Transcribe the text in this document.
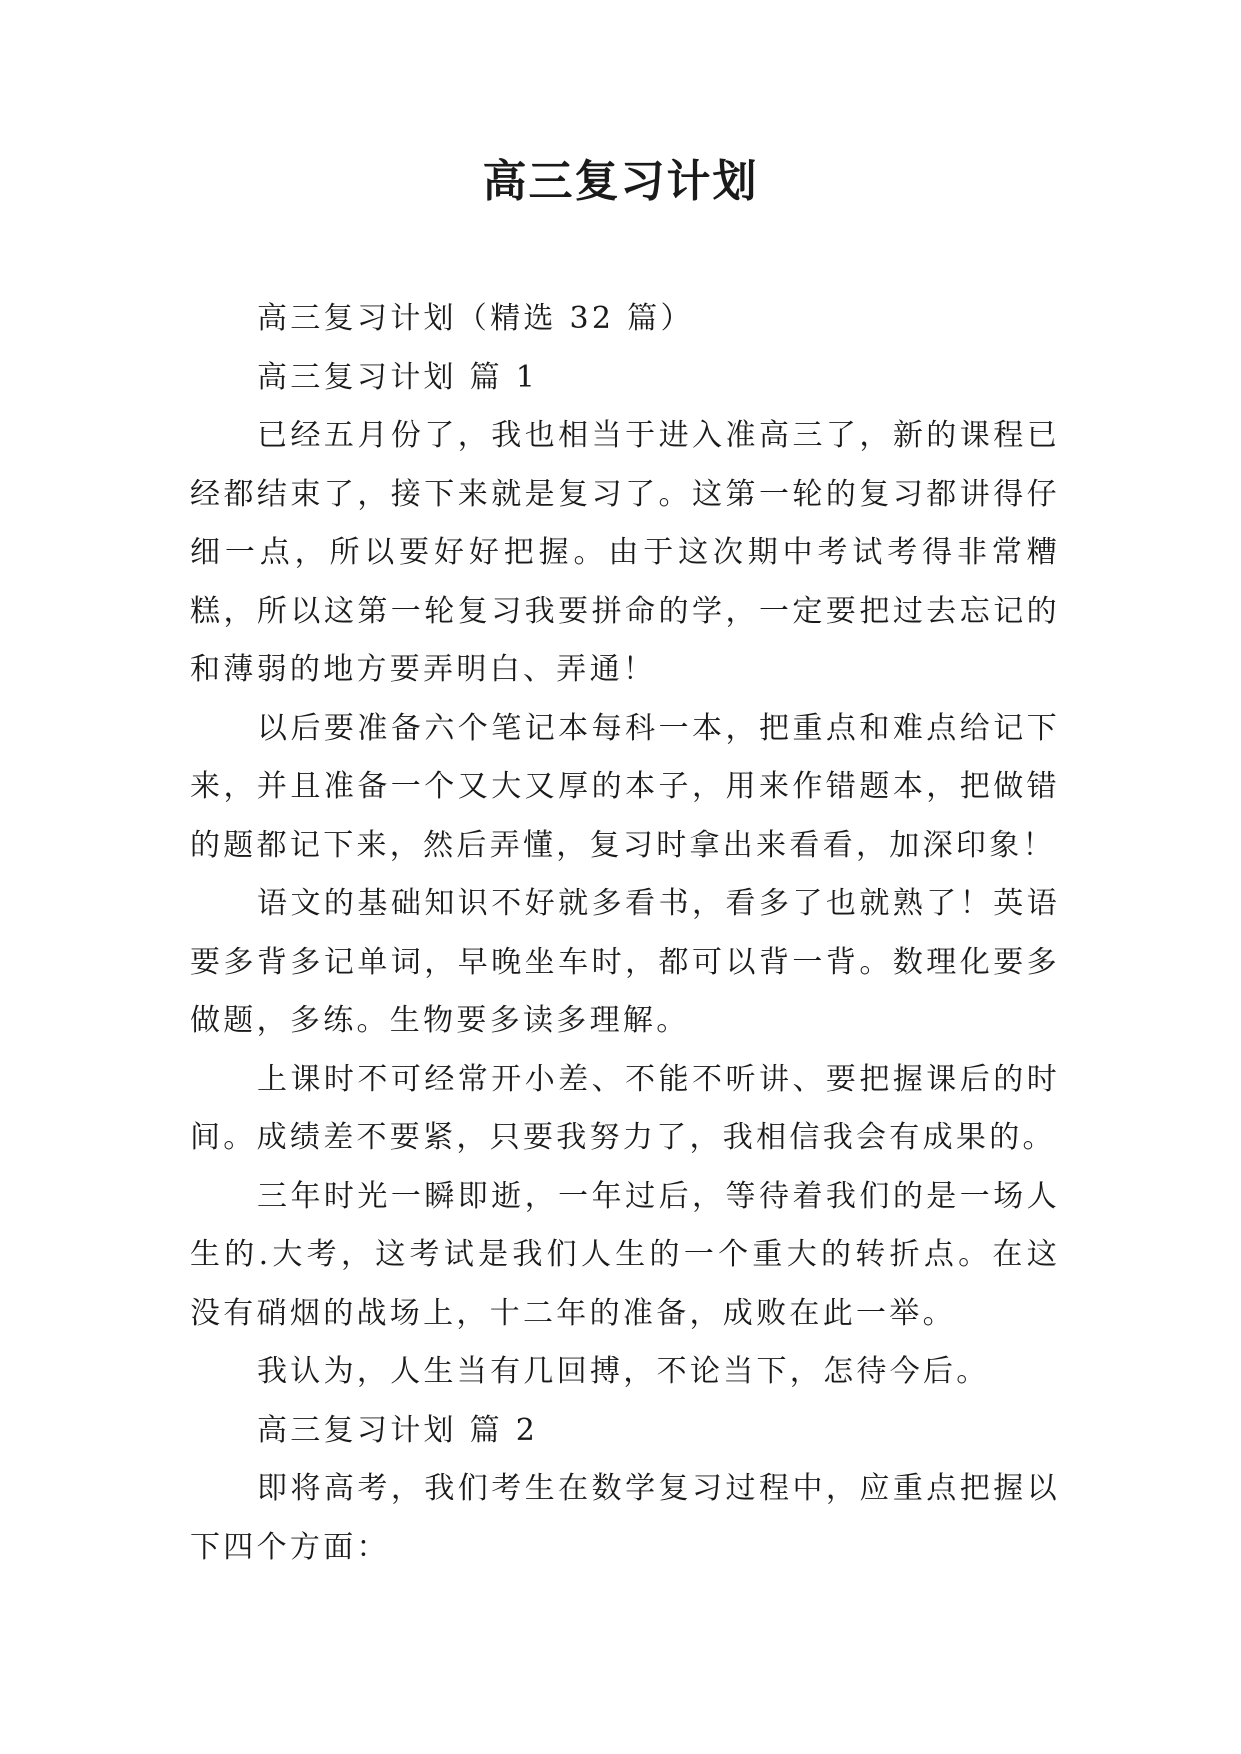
高三复习计划

高三复习计划（精选 32 篇）

高三复习计划 篇 1

已经五月份了，我也相当于进入准高三了，新的课程已经都结束了，接下来就是复习了。这第一轮的复习都讲得仔细一点，所以要好好把握。由于这次期中考试考得非常糟糕，所以这第一轮复习我要拼命的学，一定要把过去忘记的和薄弱的地方要弄明白、弄通！

以后要准备六个笔记本每科一本，把重点和难点给记下来，并且准备一个又大又厚的本子，用来作错题本，把做错的题都记下来，然后弄懂，复习时拿出来看看，加深印象！

语文的基础知识不好就多看书，看多了也就熟了！英语要多背多记单词，早晚坐车时，都可以背一背。数理化要多做题，多练。生物要多读多理解。

上课时不可经常开小差、不能不听讲、要把握课后的时间。成绩差不要紧，只要我努力了，我相信我会有成果的。

三年时光一瞬即逝，一年过后，等待着我们的是一场人生的.大考，这考试是我们人生的一个重大的转折点。在这没有硝烟的战场上，十二年的准备，成败在此一举。

我认为，人生当有几回搏，不论当下，怎待今后。

高三复习计划 篇 2

即将高考，我们考生在数学复习过程中，应重点把握以下四个方面：
